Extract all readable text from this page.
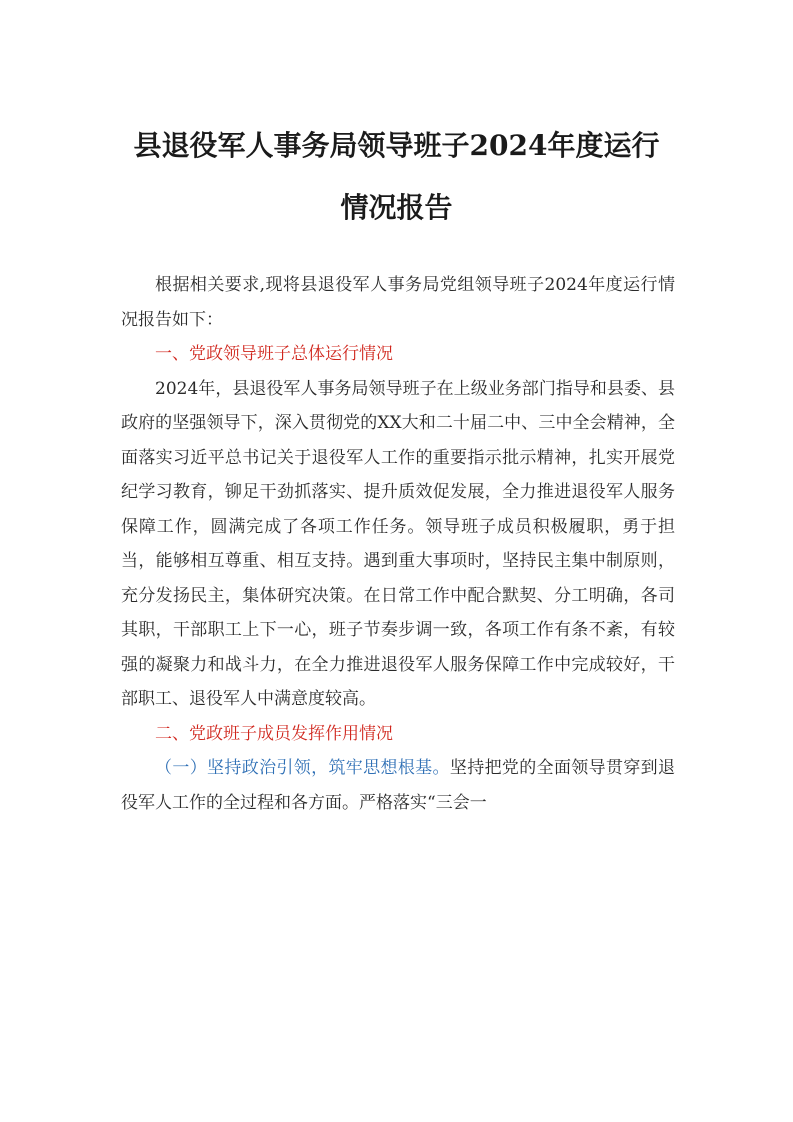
县退役军人事务局领导班子2024年度运行
情况报告

根据相关要求,现将县退役军人事务局党组领导班子2024年度运行情况报告如下：

一、党政领导班子总体运行情况

2024年，县退役军人事务局领导班子在上级业务部门指导和县委、县政府的坚强领导下，深入贯彻党的XX大和二十届二中、三中全会精神，全面落实习近平总书记关于退役军人工作的重要指示批示精神，扎实开展党纪学习教育，铆足干劲抓落实、提升质效促发展，全力推进退役军人服务保障工作，圆满完成了各项工作任务。领导班子成员积极履职，勇于担当，能够相互尊重、相互支持。遇到重大事项时，坚持民主集中制原则，充分发扬民主，集体研究决策。在日常工作中配合默契、分工明确，各司其职，干部职工上下一心，班子节奏步调一致，各项工作有条不紊，有较强的凝聚力和战斗力，在全力推进退役军人服务保障工作中完成较好，干部职工、退役军人中满意度较高。

二、党政班子成员发挥作用情况

（一）坚持政治引领，筑牢思想根基。坚持把党的全面领导贯穿到退役军人工作的全过程和各方面。严格落实“三会一
